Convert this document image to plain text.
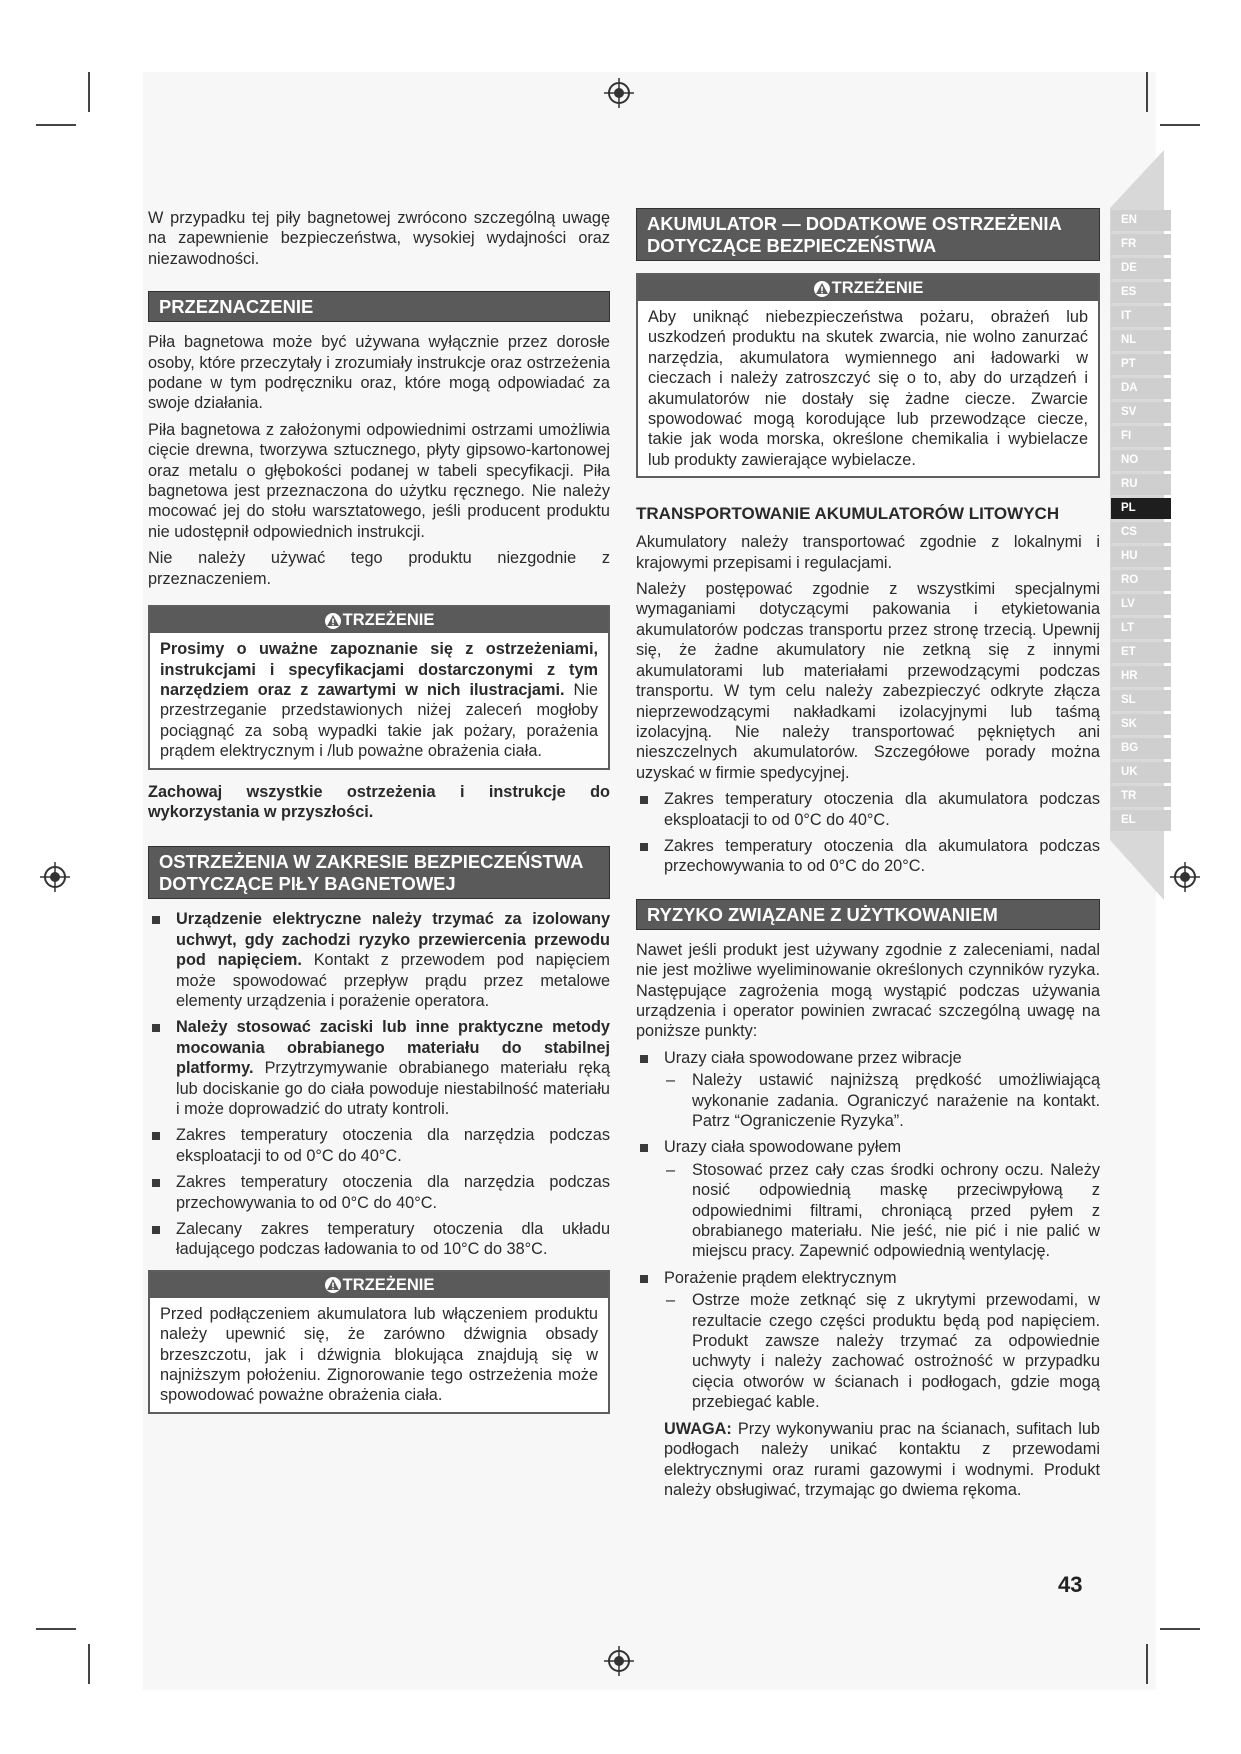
W przypadku tej piły bagnetowej zwrócono szczególną uwagę na zapewnienie bezpieczeństwa, wysokiej wydajności oraz niezawodności.

PRZEZNACZENIE

Piła bagnetowa może być używana wyłącznie przez dorosłe osoby, które przeczytały i zrozumiały instrukcje oraz ostrzeżenia podane w tym podręczniku oraz, które mogą odpowiadać za swoje działania.

Piła bagnetowa z założonymi odpowiednimi ostrzami umożliwia cięcie drewna, tworzywa sztucznego, płyty gipsowo-kartonowej oraz metalu o głębokości podanej w tabeli specyfikacji. Piła bagnetowa jest przeznaczona do użytku ręcznego. Nie należy mocować jej do stołu warsztatowego, jeśli producent produktu nie udostępnił odpowiednich instrukcji.

Nie należy używać tego produktu niezgodnie z przeznaczeniem.

TRZEŻENIE

Prosimy o uważne zapoznanie się z ostrzeżeniami, instrukcjami i specyfikacjami dostarczonymi z tym narzędziem oraz z zawartymi w nich ilustracjami. Nie przestrzeganie przedstawionych niżej zaleceń mogłoby pociągnąć za sobą wypadki takie jak pożary, porażenia prądem elektrycznym i /lub poważne obrażenia ciała.

Zachowaj wszystkie ostrzeżenia i instrukcje do wykorzystania w przyszłości.

OSTRZEŻENIA W ZAKRESIE BEZPIECZEŃSTWA DOTYCZĄCE PIŁY BAGNETOWEJ
Urządzenie elektryczne należy trzymać za izolowany uchwyt, gdy zachodzi ryzyko przewiercenia przewodu pod napięciem. Kontakt z przewodem pod napięciem może spowodować przepływ prądu przez metalowe elementy urządzenia i porażenie operatora.
Należy stosować zaciski lub inne praktyczne metody mocowania obrabianego materiału do stabilnej platformy. Przytrzymywanie obrabianego materiału ręką lub dociskanie go do ciała powoduje niestabilność materiału i może doprowadzić do utraty kontroli.
Zakres temperatury otoczenia dla narzędzia podczas eksploatacji to od 0°C do 40°C.
Zakres temperatury otoczenia dla narzędzia podczas przechowywania to od 0°C do 40°C.
Zalecany zakres temperatury otoczenia dla układu ładującego podczas ładowania to od 10°C do 38°C.
TRZEŻENIE

Przed podłączeniem akumulatora lub włączeniem produktu należy upewnić się, że zarówno dźwignia obsady brzeszczotu, jak i dźwignia blokująca znajdują się w najniższym położeniu. Zignorowanie tego ostrzeżenia może spowodować poważne obrażenia ciała.

AKUMULATOR — DODATKOWE OSTRZEŻENIA DOTYCZĄCE BEZPIECZEŃSTWA
TRZEŻENIE

Aby uniknąć niebezpieczeństwa pożaru, obrażeń lub uszkodzeń produktu na skutek zwarcia, nie wolno zanurzać narzędzia, akumulatora wymiennego ani ładowarki w cieczach i należy zatroszczyć się o to, aby do urządzeń i akumulatorów nie dostały się żadne ciecze. Zwarcie spowodować mogą korodujące lub przewodzące ciecze, takie jak woda morska, określone chemikalia i wybielacze lub produkty zawierające wybielacze.

TRANSPORTOWANIE AKUMULATORÓW LITOWYCH

Akumulatory należy transportować zgodnie z lokalnymi i krajowymi przepisami i regulacjami.

Należy postępować zgodnie z wszystkimi specjalnymi wymaganiami dotyczącymi pakowania i etykietowania akumulatorów podczas transportu przez stronę trzecią. Upewnij się, że żadne akumulatory nie zetkną się z innymi akumulatorami lub materiałami przewodzącymi podczas transportu. W tym celu należy zabezpieczyć odkryte złącza nieprzewodzącymi nakładkami izolacyjnymi lub taśmą izolacyjną. Nie należy transportować pękniętych ani nieszczelnych akumulatorów. Szczegółowe porady można uzyskać w firmie spedycyjnej.

Zakres temperatury otoczenia dla akumulatora podczas eksploatacji to od 0°C do 40°C.
Zakres temperatury otoczenia dla akumulatora podczas przechowywania to od 0°C do 20°C.
RYZYKO ZWIĄZANE Z UŻYTKOWANIEM

Nawet jeśli produkt jest używany zgodnie z zaleceniami, nadal nie jest możliwe wyeliminowanie określonych czynników ryzyka. Następujące zagrożenia mogą wystąpić podczas używania urządzenia i operator powinien zwracać szczególną uwagę na poniższe punkty:

Urazy ciała spowodowane przez wibracje
– Należy ustawić najniższą prędkość umożliwiającą wykonanie zadania. Ograniczyć narażenie na kontakt. Patrz “Ograniczenie Ryzyka”.
Urazy ciała spowodowane pyłem
– Stosować przez cały czas środki ochrony oczu. Należy nosić odpowiednią maskę przeciwpyłową z odpowiednimi filtrami, chroniącą przed pyłem z obrabianego materiału. Nie jeść, nie pić i nie palić w miejscu pracy. Zapewnić odpowiednią wentylację.
Porażenie prądem elektrycznym
– Ostrze może zetknąć się z ukrytymi przewodami, w rezultacie czego części produktu będą pod napięciem. Produkt zawsze należy trzymać za odpowiednie uchwyty i należy zachować ostrożność w przypadku cięcia otworów w ścianach i podłogach, gdzie mogą przebiegać kable.

UWAGA: Przy wykonywaniu prac na ścianach, sufitach lub podłogach należy unikać kontaktu z przewodami elektrycznymi oraz rurami gazowymi i wodnymi. Produkt należy obsługiwać, trzymając go dwiema rękoma.

EN
FR
DE
ES
IT
NL
PT
DA
SV
FI
NO
RU
PL
CS
HU
RO
LV
LT
ET
HR
SL
SK
BG
UK
TR
EL
43
